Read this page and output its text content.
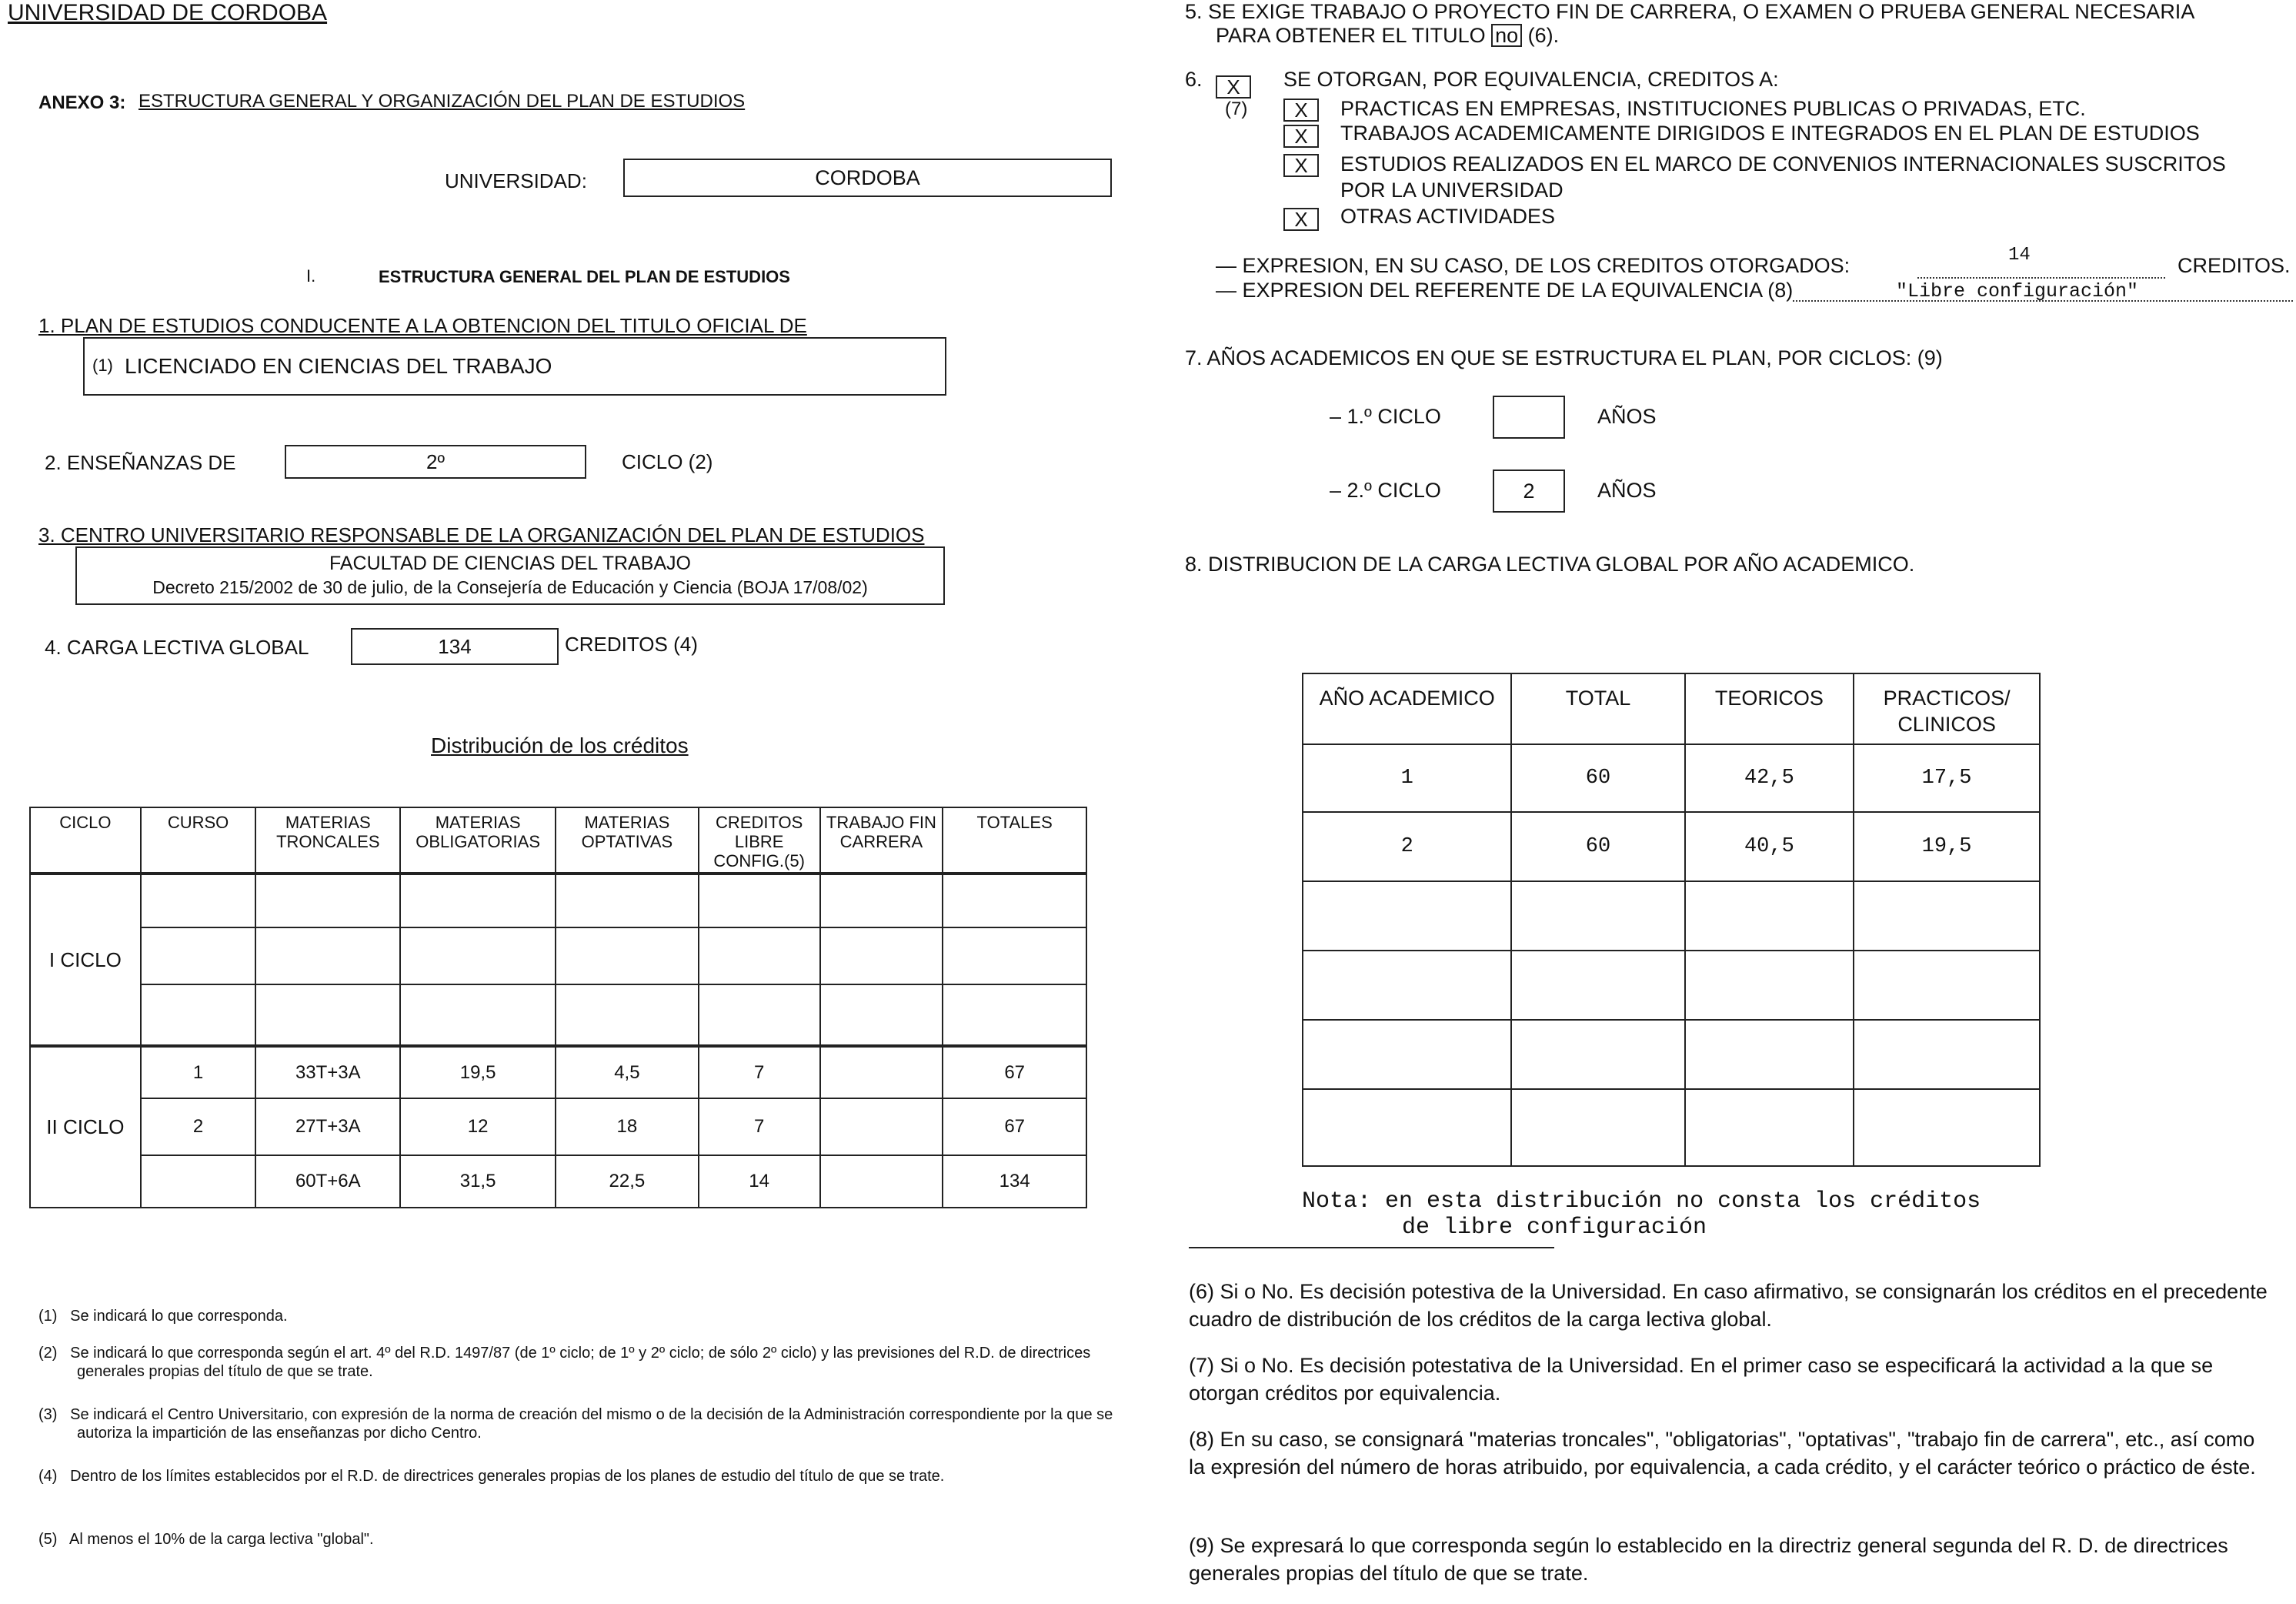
UNIVERSIDAD DE CORDOBA
ANEXO 3: ESTRUCTURA GENERAL Y ORGANIZACIÓN DEL PLAN DE ESTUDIOS
UNIVERSIDAD:	CORDOBA
I.	ESTRUCTURA GENERAL DEL PLAN DE ESTUDIOS
1. PLAN DE ESTUDIOS CONDUCENTE A LA OBTENCION DEL TITULO OFICIAL DE
(1) LICENCIADO EN CIENCIAS DEL TRABAJO
2. ENSEÑANZAS DE	2º	CICLO (2)
3. CENTRO UNIVERSITARIO RESPONSABLE DE LA ORGANIZACIÓN DEL PLAN DE ESTUDIOS
FACULTAD DE CIENCIAS DEL TRABAJO
Decreto 215/2002 de 30 de julio, de la Consejería de Educación y Ciencia (BOJA 17/08/02)
4. CARGA LECTIVA GLOBAL	134	CREDITOS (4)
Distribución de los créditos
CICLO	CURSO	MATERIAS TRONCALES	MATERIAS OBLIGATORIAS	MATERIAS OPTATIVAS	CREDITOS LIBRE CONFIG.(5)	TRABAJO FIN CARRERA	TOTALES
I CICLO							

II CICLO	1	33T+3A	19,5	4,5	7		67
	2	27T+3A	12	18	7		67
		60T+6A	31,5	22,5	14		134
(1) Se indicará lo que corresponda.
(2) Se indicará lo que corresponda según el art. 4º del R.D. 1497/87 (de 1º ciclo; de 1º y 2º ciclo; de sólo 2º ciclo) y las previsiones del R.D. de directrices generales propias del título de que se trate.
(3) Se indicará el Centro Universitario, con expresión de la norma de creación del mismo o de la decisión de la Administración correspondiente por la que se autoriza la impartición de las enseñanzas por dicho Centro.
(4) Dentro de los límites establecidos por el R.D. de directrices generales propias de los planes de estudio del título de que se trate.
(5) Al menos el 10% de la carga lectiva "global".
5. SE EXIGE TRABAJO O PROYECTO FIN DE CARRERA, O EXAMEN O PRUEBA GENERAL NECESARIA
PARA OBTENER EL TITULO no (6).
6.	X
(7)
SE OTORGAN, POR EQUIVALENCIA, CREDITOS A:
X	PRACTICAS EN EMPRESAS, INSTITUCIONES PUBLICAS O PRIVADAS, ETC.
X	TRABAJOS ACADEMICAMENTE DIRIGIDOS E INTEGRADOS EN EL PLAN DE ESTUDIOS
X	ESTUDIOS REALIZADOS EN EL MARCO DE CONVENIOS INTERNACIONALES SUSCRITOS
POR LA UNIVERSIDAD
X	OTRAS ACTIVIDADES
— EXPRESION, EN SU CASO, DE LOS CREDITOS OTORGADOS:	14	CREDITOS.
— EXPRESION DEL REFERENTE DE LA EQUIVALENCIA (8)	"Libre configuración"
7. AÑOS ACADEMICOS EN QUE SE ESTRUCTURA EL PLAN, POR CICLOS: (9)
– 1.º CICLO	AÑOS
– 2.º CICLO	2	AÑOS
8. DISTRIBUCION DE LA CARGA LECTIVA GLOBAL POR AÑO ACADEMICO.
AÑO ACADEMICO	TOTAL	TEORICOS	PRACTICOS/ CLINICOS
1	60	42,5	17,5
2	60	40,5	19,5

Nota: en esta distribución no consta los créditos
de libre configuración
(6) Si o No. Es decisión potestiva de la Universidad. En caso afirmativo, se consignarán los créditos en el precedente cuadro de distribución de los créditos de la carga lectiva global.
(7) Si o No. Es decisión potestativa de la Universidad. En el primer caso se especificará la actividad a la que se otorgan créditos por equivalencia.
(8) En su caso, se consignará "materias troncales", "obligatorias", "optativas", "trabajo fin de carrera", etc., así como la expresión del número de horas atribuido, por equivalencia, a cada crédito, y el carácter teórico o práctico de éste.
(9) Se expresará lo que corresponda según lo establecido en la directriz general segunda del R. D. de directrices generales propias del título de que se trate.
